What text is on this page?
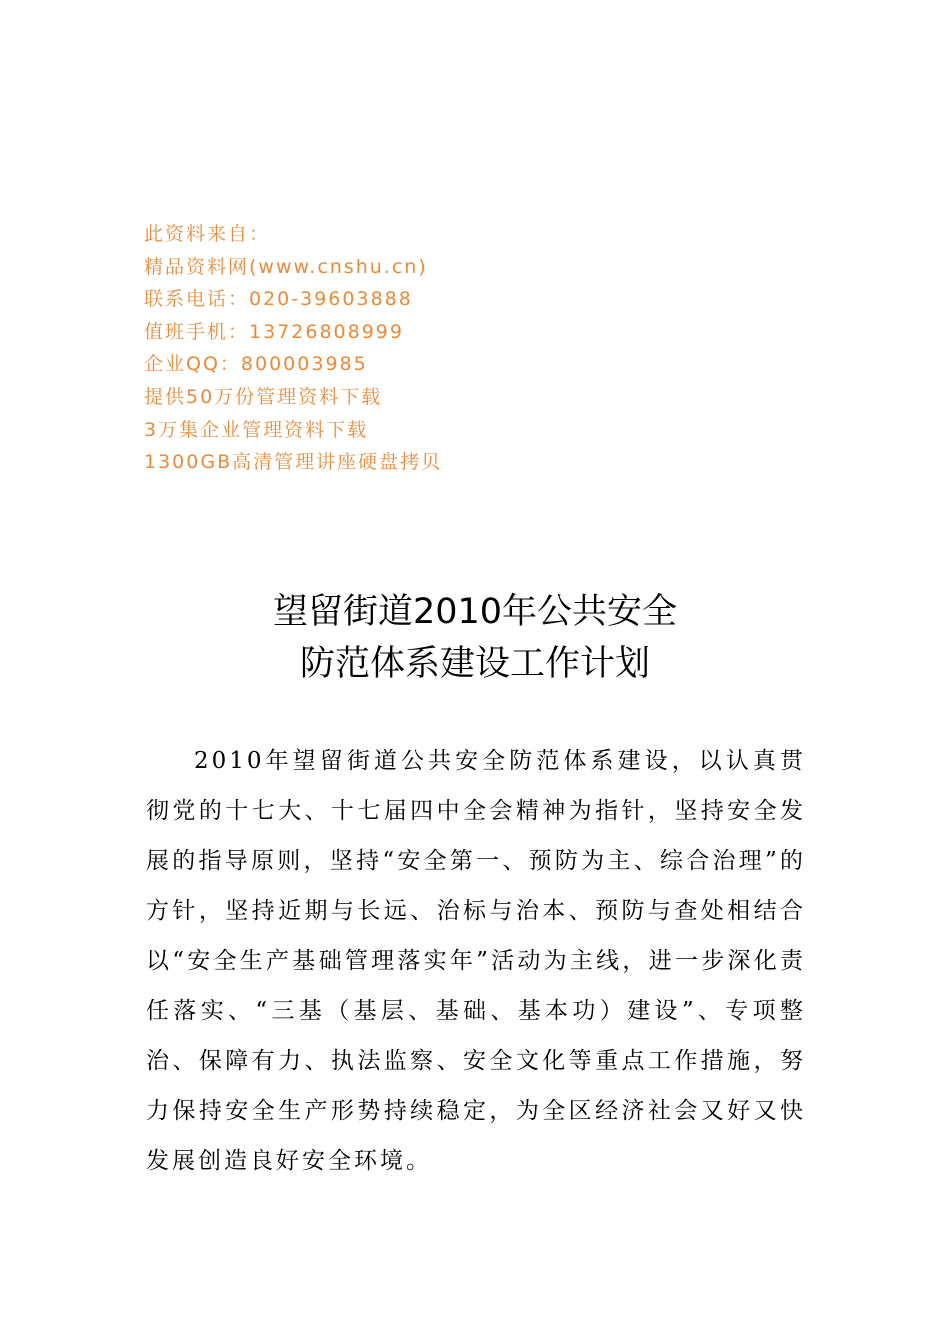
此资料来自：
精品资料网(www.cnshu.cn)
联系电话：020-39603888
值班手机：13726808999
企业QQ：800003985
提供50万份管理资料下载
3万集企业管理资料下载
1300GB高清管理讲座硬盘拷贝
望留街道2010年公共安全
防范体系建设工作计划

2010年望留街道公共安全防范体系建设，以认真贯彻党的十七大、十七届四中全会精神为指针，坚持安全发展的指导原则，坚持“安全第一、预防为主、综合治理”的方针，坚持近期与长远、治标与治本、预防与查处相结合以“安全生产基础管理落实年”活动为主线，进一步深化责任落实、“三基（基层、基础、基本功）建设”、专项整治、保障有力、执法监察、安全文化等重点工作措施，努力保持安全生产形势持续稳定，为全区经济社会又好又快发展创造良好安全环境。
